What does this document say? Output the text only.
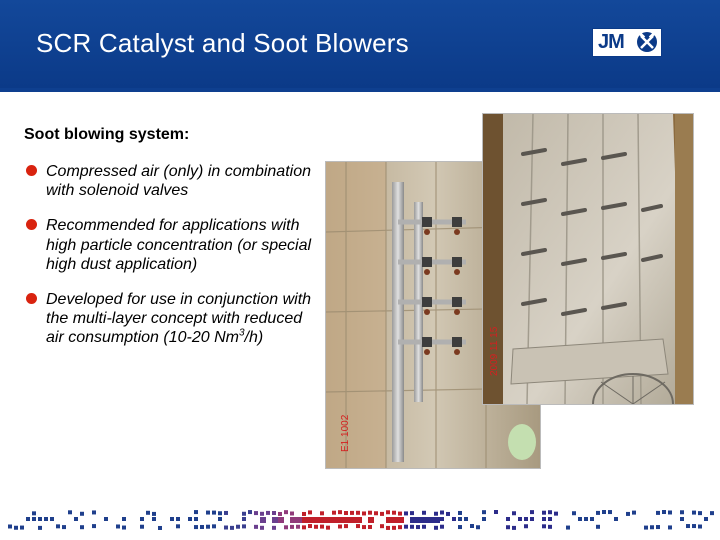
SCR Catalyst and Soot Blowers	JM
Soot blowing system:
Compressed air (only) in combination with solenoid valves
Recommended for applications with high particle concentration (or special high dust application)
Developed for use in conjunction with the multi-layer concept with reduced air consumption (10-20 Nm$^3$/h)
E1 1002
2009 11 15
